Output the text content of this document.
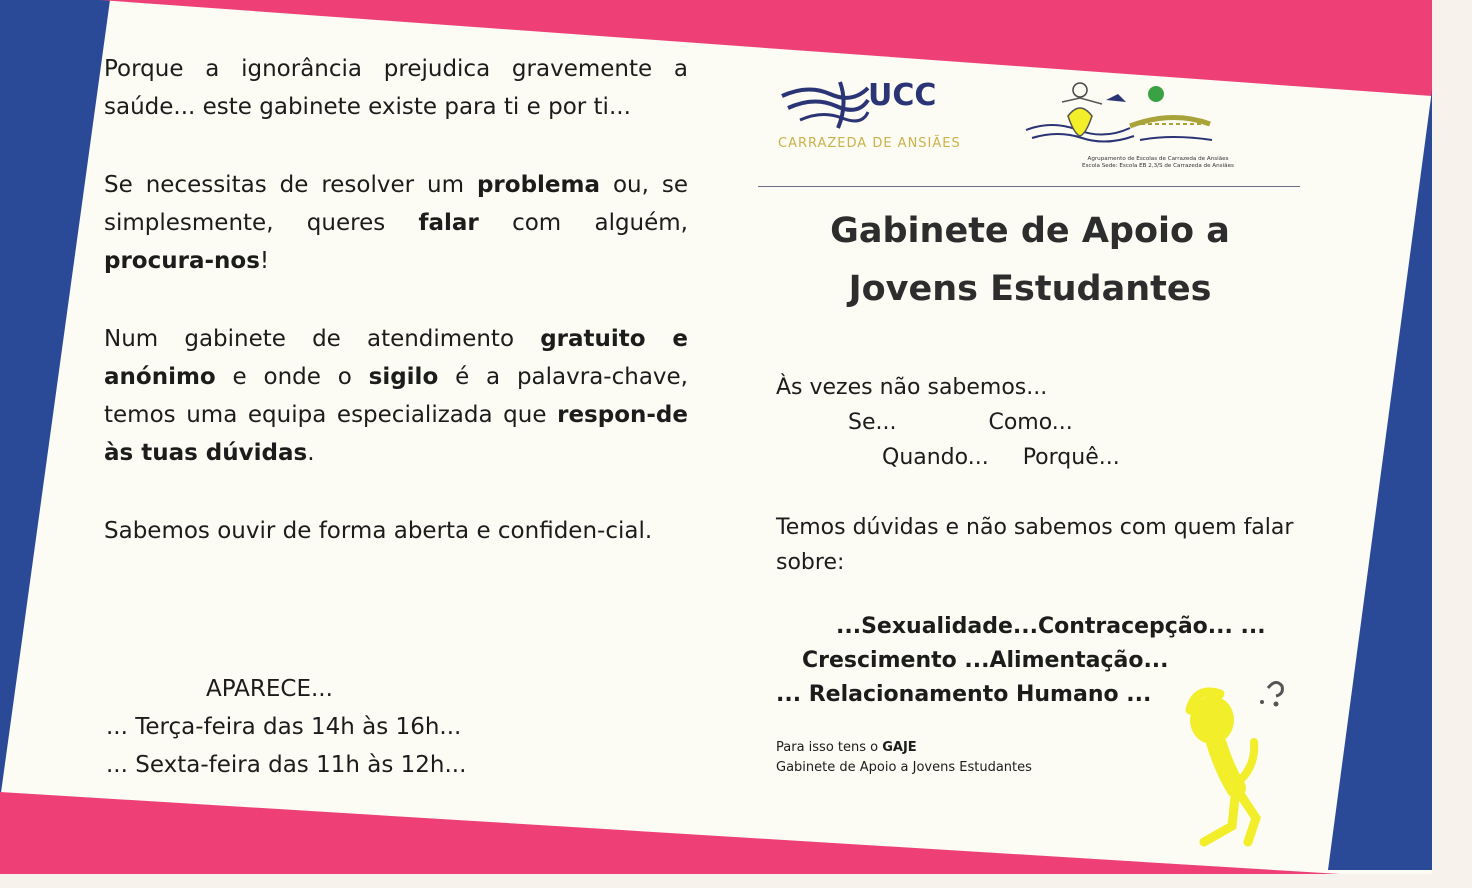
Porque a ignorância prejudica gravemente a saúde... este gabinete existe para ti e por ti...

Se necessitas de resolver um problema ou, se simplesmente, queres falar com alguém, procura-nos!

Num gabinete de atendimento gratuito e anónimo e onde o sigilo é a palavra-chave, temos uma equipa especializada que respon-de às tuas dúvidas.

Sabemos ouvir de forma aberta e confiden-cial.

APARECE...
... Terça-feira das 14h às 16h...
... Sexta-feira das 11h às 12h...
UCC
CARRAZEDA DE ANSIÃES
Agrupamento de Escolas de Carrazeda de Ansiães
Escola Sede: Escola EB 2,3/S de Carrazeda de Ansiães
Gabinete de Apoio a
Jovens Estudantes
Às vezes não sabemos...
Se...	Como...
Quando... Porquê...
Temos dúvidas e não sabemos com quem falar sobre:
...Sexualidade...Contracepção... ...
Crescimento ...Alimentação...
... Relacionamento Humano ...
Para isso tens o GAJE
Gabinete de Apoio a Jovens Estudantes
